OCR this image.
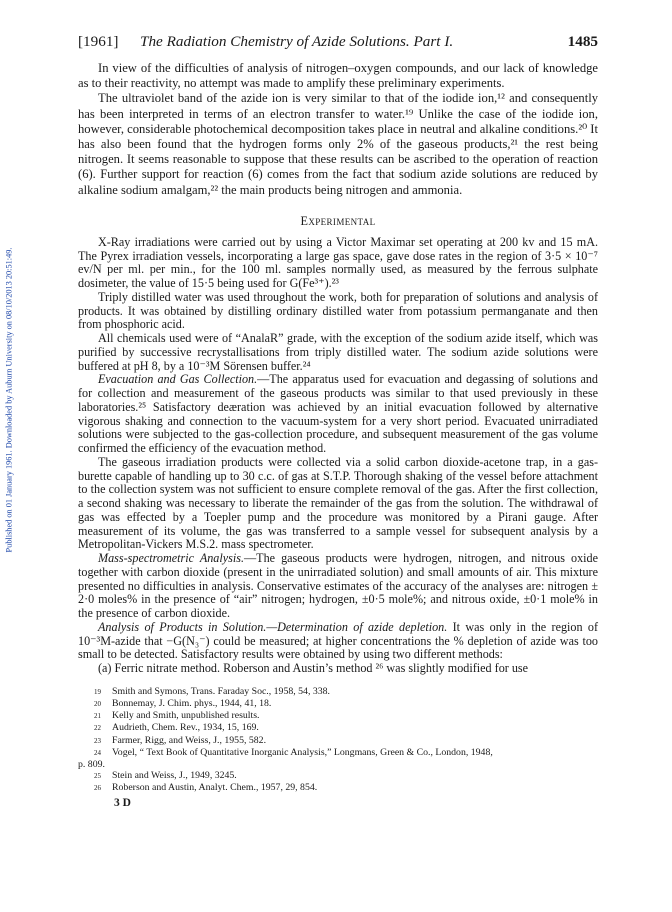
Published on 01 January 1961. Downloaded by Auburn University on 08/10/2013 20:51:49.
[1961]	The Radiation Chemistry of Azide Solutions. Part I.	1485

In view of the difficulties of analysis of nitrogen–oxygen compounds, and our lack of knowledge as to their reactivity, no attempt was made to amplify these preliminary experiments.

The ultraviolet band of the azide ion is very similar to that of the iodide ion,¹² and consequently has been interpreted in terms of an electron transfer to water.¹⁹ Unlike the case of the iodide ion, however, considerable photochemical decomposition takes place in neutral and alkaline conditions.²⁰ It has also been found that the hydrogen forms only 2% of the gaseous products,²¹ the rest being nitrogen. It seems reasonable to suppose that these results can be ascribed to the operation of reaction (6). Further support for reaction (6) comes from the fact that sodium azide solutions are reduced by alkaline sodium amalgam,²² the main products being nitrogen and ammonia.

Experimental

X-Ray irradiations were carried out by using a Victor Maximar set operating at 200 kv and 15 mA. The Pyrex irradiation vessels, incorporating a large gas space, gave dose rates in the region of 3·5 × 10⁻⁷ ev/N per ml. per min., for the 100 ml. samples normally used, as measured by the ferrous sulphate dosimeter, the value of 15·5 being used for G(Fe³⁺).²³

Triply distilled water was used throughout the work, both for preparation of solutions and analysis of products. It was obtained by distilling ordinary distilled water from potassium permanganate and then from phosphoric acid.

All chemicals used were of “AnalaR” grade, with the exception of the sodium azide itself, which was purified by successive recrystallisations from triply distilled water. The sodium azide solutions were buffered at pH 8, by a 10⁻³M Sörensen buffer.²⁴

Evacuation and Gas Collection.—The apparatus used for evacuation and degassing of solutions and for collection and measurement of the gaseous products was similar to that used previously in these laboratories.²⁵ Satisfactory deæration was achieved by an initial evacuation followed by alternative vigorous shaking and connection to the vacuum-system for a very short period. Evacuated unirradiated solutions were subjected to the gas-collection procedure, and subsequent measurement of the gas volume confirmed the efficiency of the evacuation method.

The gaseous irradiation products were collected via a solid carbon dioxide-acetone trap, in a gas-burette capable of handling up to 30 c.c. of gas at S.T.P. Thorough shaking of the vessel before attachment to the collection system was not sufficient to ensure complete removal of the gas. After the first collection, a second shaking was necessary to liberate the remainder of the gas from the solution. The withdrawal of gas was effected by a Toepler pump and the procedure was monitored by a Pirani gauge. After measurement of its volume, the gas was transferred to a sample vessel for subsequent analysis by a Metropolitan-Vickers M.S.2. mass spectrometer.

Mass-spectrometric Analysis.—The gaseous products were hydrogen, nitrogen, and nitrous oxide together with carbon dioxide (present in the unirradiated solution) and small amounts of air. This mixture presented no difficulties in analysis. Conservative estimates of the accuracy of the analyses are: nitrogen ± 2·0 moles% in the presence of “air” nitrogen; hydrogen, ±0·5 mole%; and nitrous oxide, ±0·1 mole% in the presence of carbon dioxide.

Analysis of Products in Solution.—Determination of azide depletion. It was only in the region of 10⁻³M-azide that −G(N₃⁻) could be measured; at higher concentrations the % depletion of azide was too small to be detected. Satisfactory results were obtained by using two different methods:

(a) Ferric nitrate method. Roberson and Austin’s method ²⁶ was slightly modified for use

19	Smith and Symons, Trans. Faraday Soc., 1958, 54, 338.
20	Bonnemay, J. Chim. phys., 1944, 41, 18.
21	Kelly and Smith, unpublished results.
22	Audrieth, Chem. Rev., 1934, 15, 169.
23	Farmer, Rigg, and Weiss, J., 1955, 582.
24	Vogel, “ Text Book of Quantitative Inorganic Analysis,” Longmans, Green & Co., London, 1948,
p. 809.
25	Stein and Weiss, J., 1949, 3245.
26	Roberson and Austin, Analyt. Chem., 1957, 29, 854.
3 D
